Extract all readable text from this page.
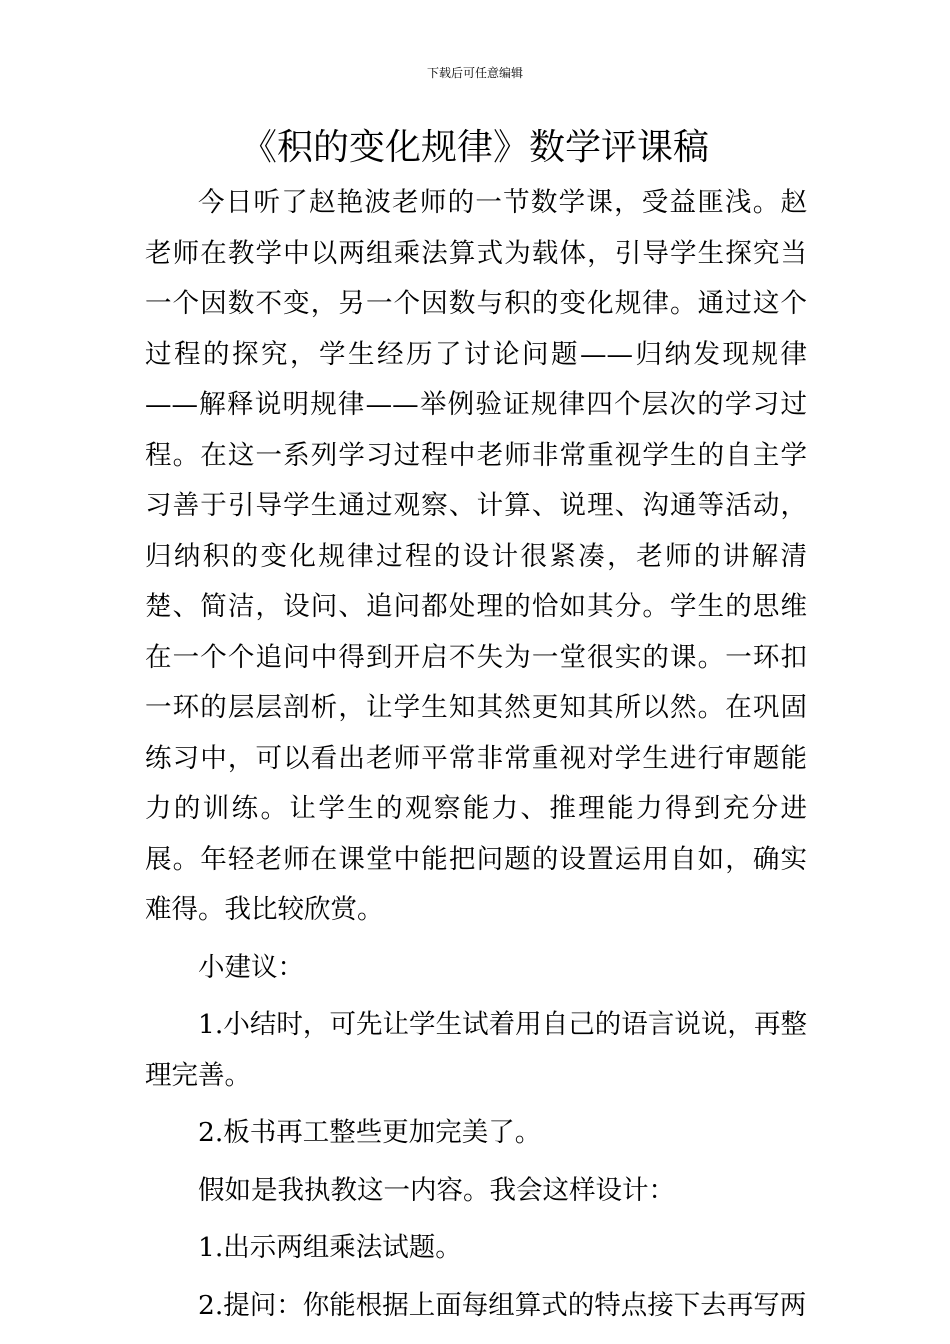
下载后可任意编辑
《积的变化规律》数学评课稿

今日听了赵艳波老师的一节数学课，受益匪浅。赵老师在教学中以两组乘法算式为载体，引导学生探究当一个因数不变，另一个因数与积的变化规律。通过这个过程的探究，学生经历了讨论问题——归纳发现规律——解释说明规律——举例验证规律四个层次的学习过程。在这一系列学习过程中老师非常重视学生的自主学习善于引导学生通过观察、计算、说理、沟通等活动，归纳积的变化规律过程的设计很紧凑，老师的讲解清楚、简洁，设问、追问都处理的恰如其分。学生的思维在一个个追问中得到开启不失为一堂很实的课。一环扣一环的层层剖析，让学生知其然更知其所以然。在巩固练习中，可以看出老师平常非常重视对学生进行审题能力的训练。让学生的观察能力、推理能力得到充分进展。年轻老师在课堂中能把问题的设置运用自如，确实难得。我比较欣赏。

小建议：

1.小结时，可先让学生试着用自己的语言说说，再整理完善。

2.板书再工整些更加完美了。

假如是我执教这一内容。我会这样设计：

1.出示两组乘法试题。

2.提问：你能根据上面每组算式的特点接下去再写两
